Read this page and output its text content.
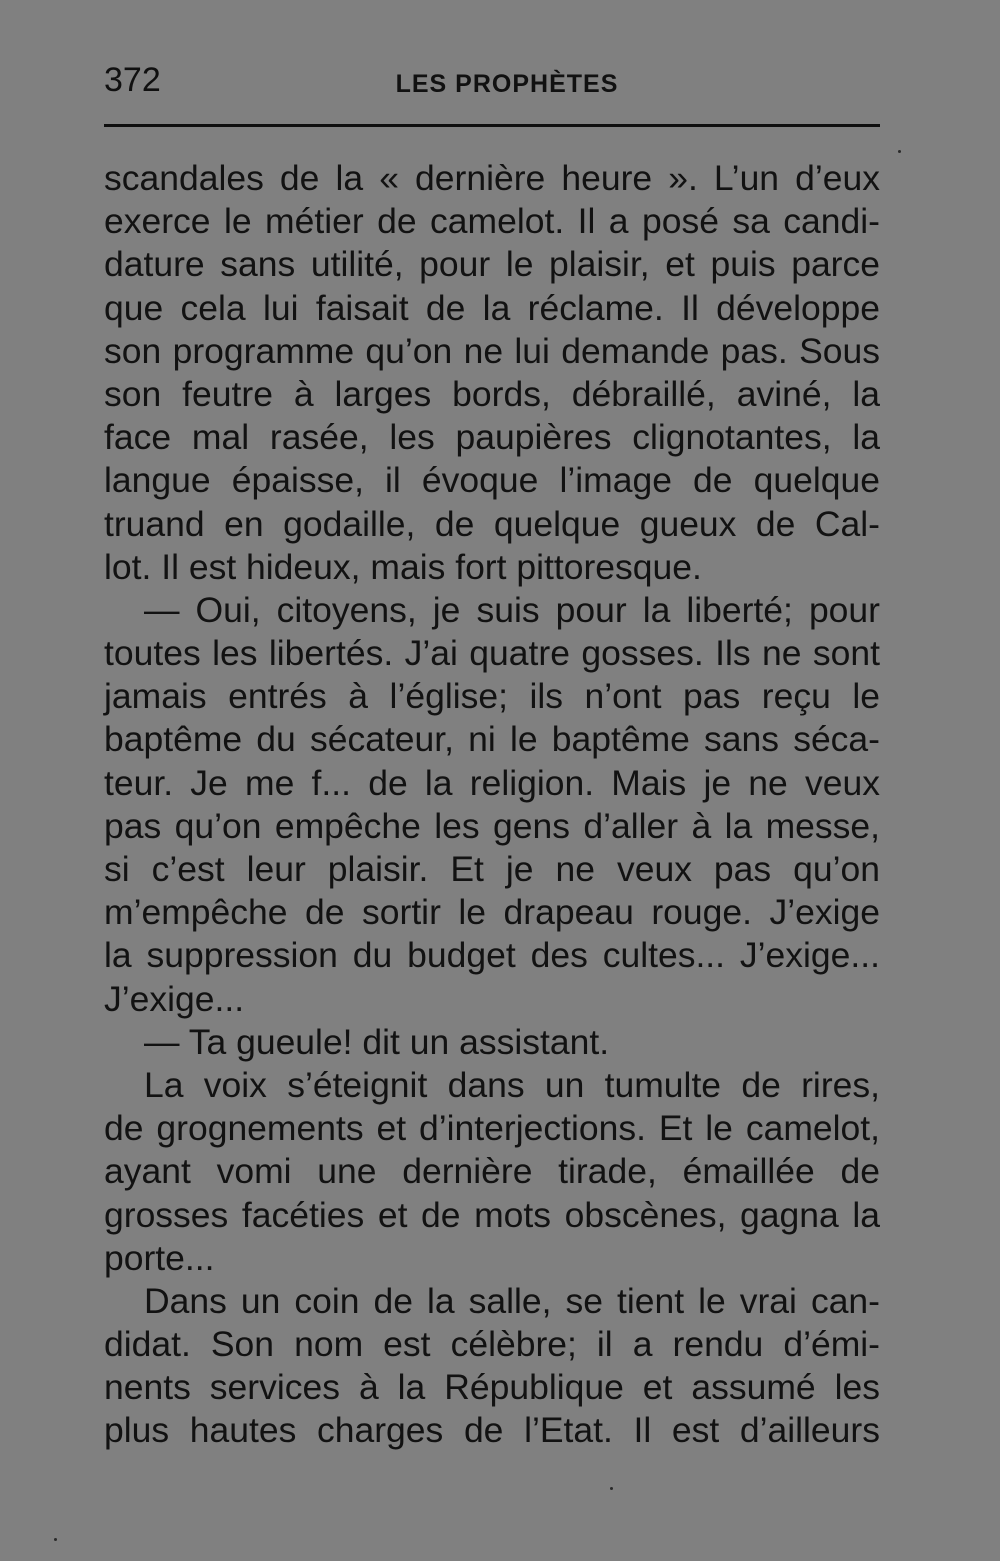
372	LES PROPHÈTES
scandales de la « dernière heure ». L’un d’eux
exerce le métier de camelot. Il a posé sa candi-
dature sans utilité, pour le plaisir, et puis parce
que cela lui faisait de la réclame. Il développe
son programme qu’on ne lui demande pas. Sous
son feutre à larges bords, débraillé, aviné, la
face mal rasée, les paupières clignotantes, la
langue épaisse, il évoque l’image de quelque
truand en godaille, de quelque gueux de Cal-
lot. Il est hideux, mais fort pittoresque.
— Oui, citoyens, je suis pour la liberté; pour
toutes les libertés. J’ai quatre gosses. Ils ne sont
jamais entrés à l’église; ils n’ont pas reçu le
baptême du sécateur, ni le baptême sans séca-
teur. Je me f... de la religion. Mais je ne veux
pas qu’on empêche les gens d’aller à la messe,
si c’est leur plaisir. Et je ne veux pas qu’on
m’empêche de sortir le drapeau rouge. J’exige
la suppression du budget des cultes... J’exige...
J’exige...
— Ta gueule! dit un assistant.
La voix s’éteignit dans un tumulte de rires,
de grognements et d’interjections. Et le camelot,
ayant vomi une dernière tirade, émaillée de
grosses facéties et de mots obscènes, gagna la
porte...
Dans un coin de la salle, se tient le vrai can-
didat. Son nom est célèbre; il a rendu d’émi-
nents services à la République et assumé les
plus hautes charges de l’Etat. Il est d’ailleurs
